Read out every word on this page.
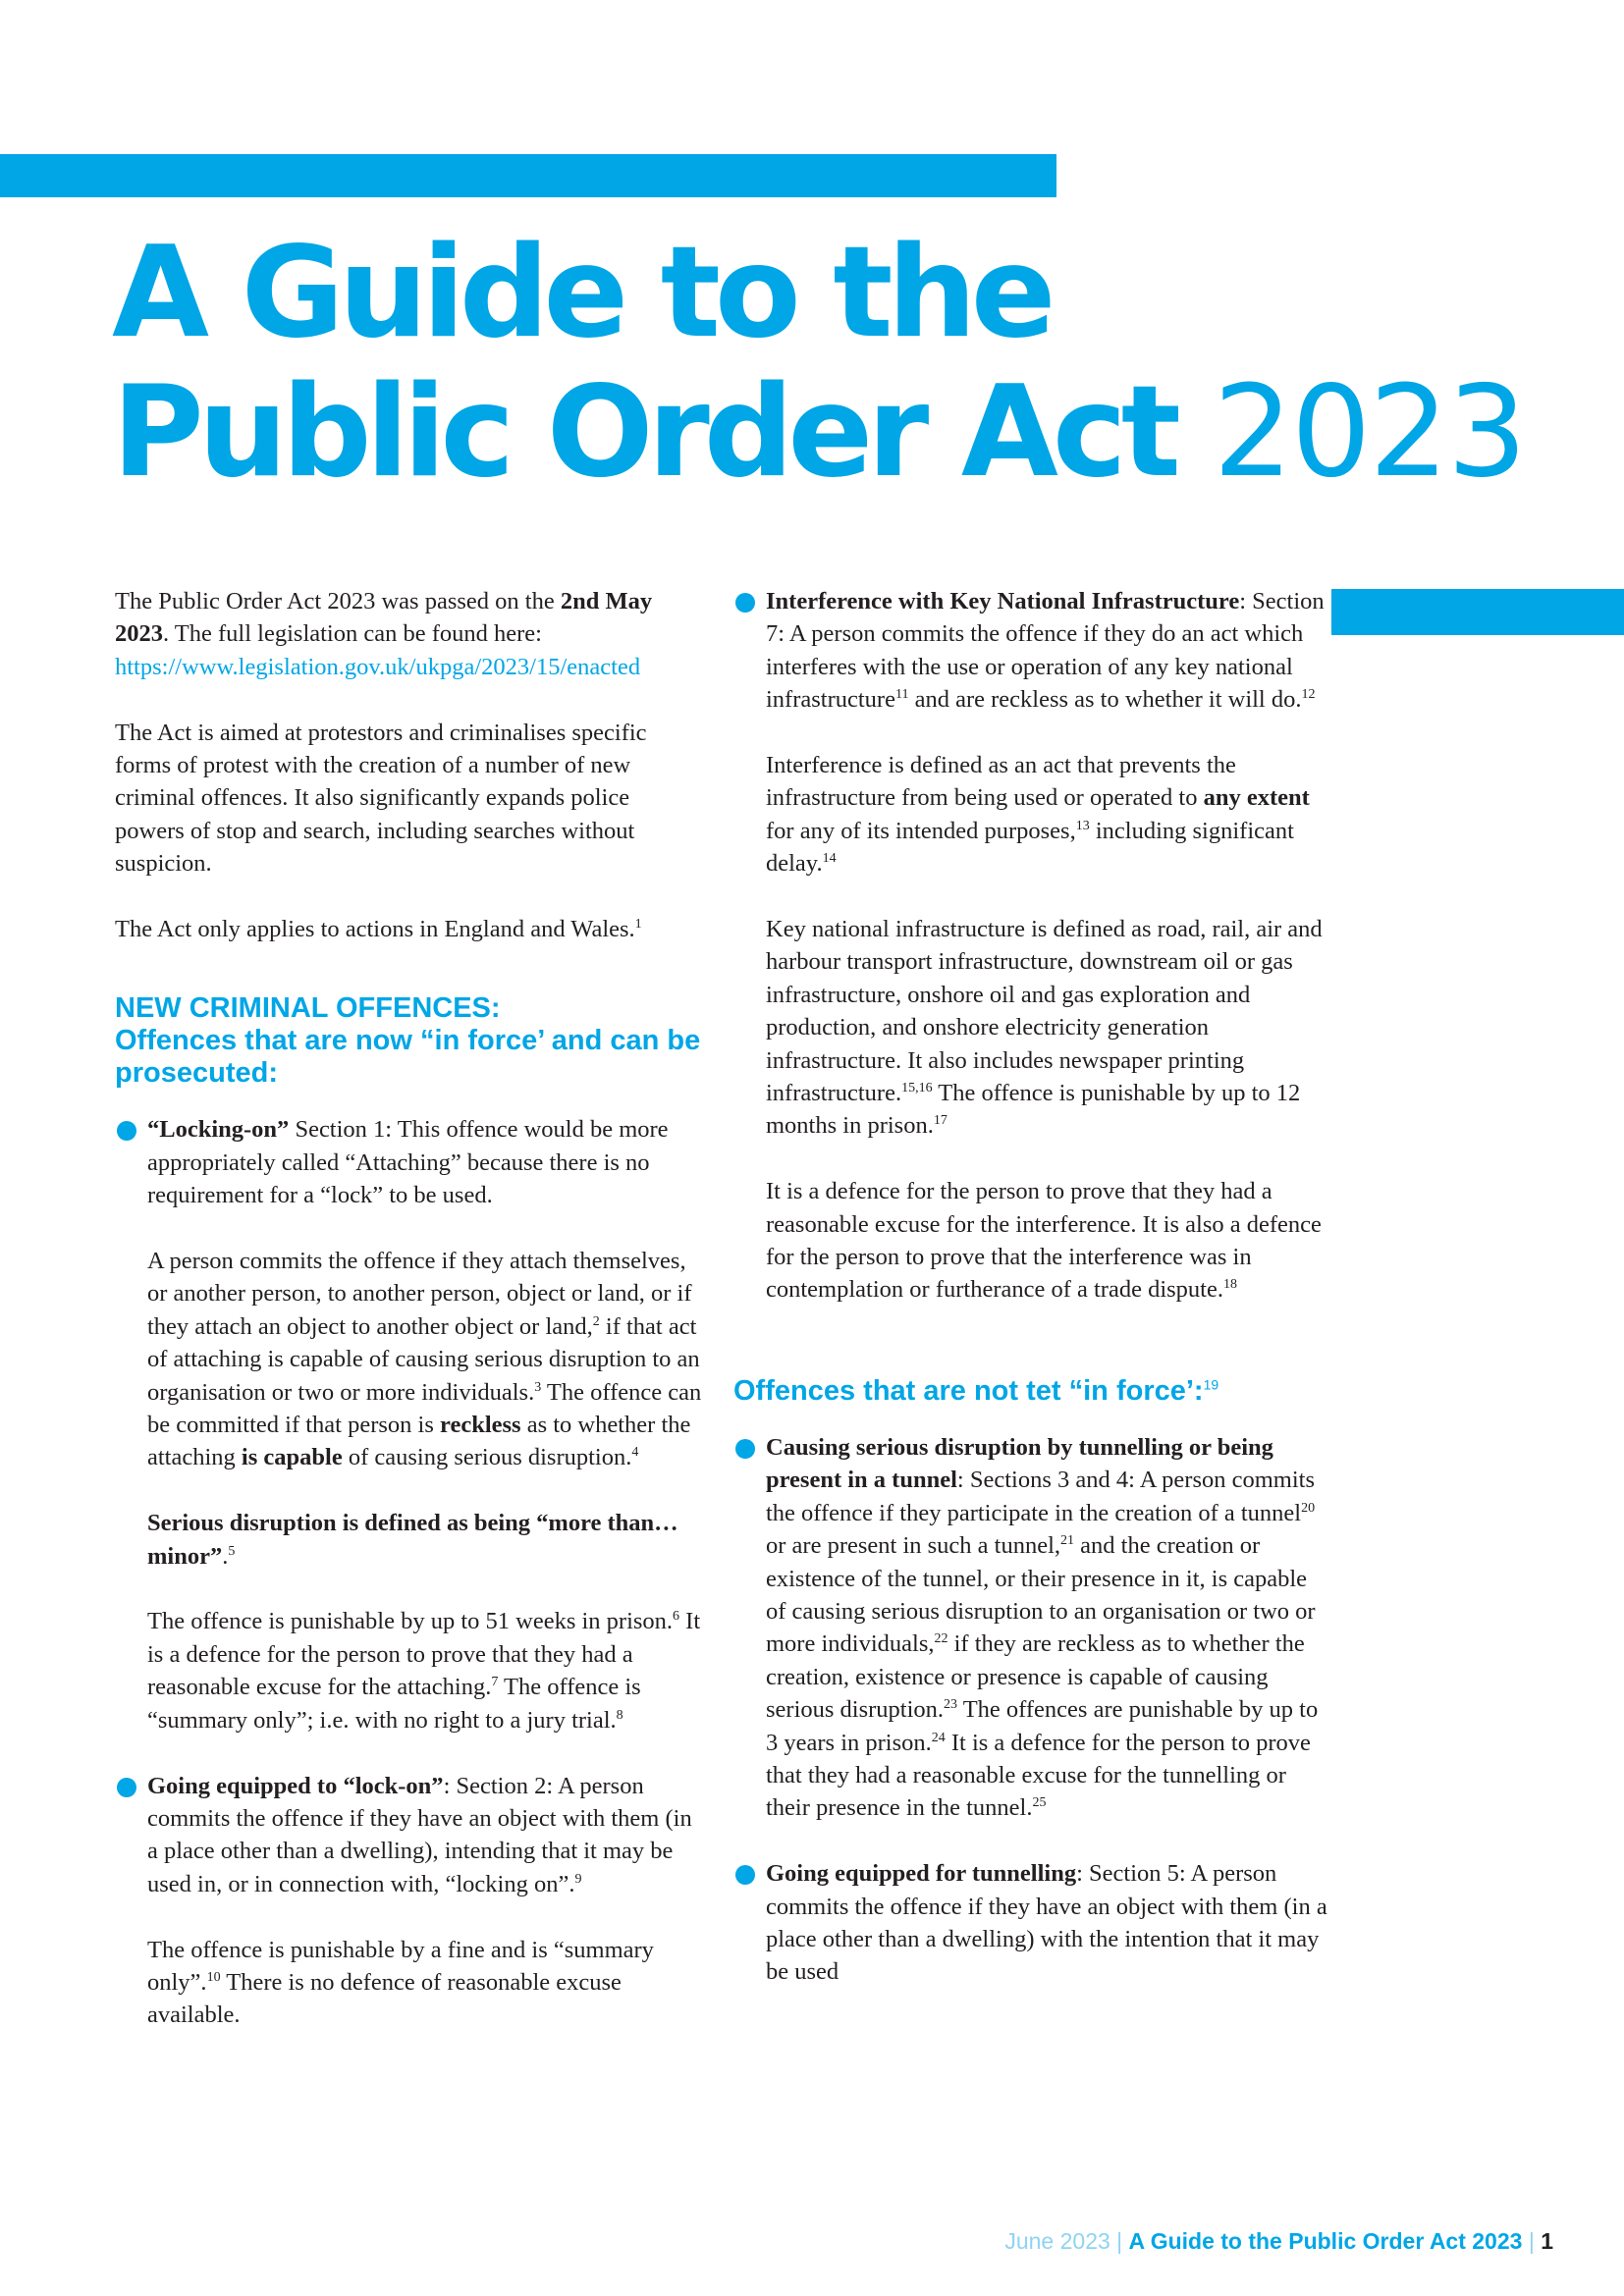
A Guide to the
Public Order Act 2023

The Public Order Act 2023 was passed on the 2nd May 2023. The full legislation can be found here: https://www.legislation.gov.uk/ukpga/2023/15/enacted

The Act is aimed at protestors and criminalises specific forms of protest with the creation of a number of new criminal offences. It also significantly expands police powers of stop and search, including searches without suspicion.

The Act only applies to actions in England and Wales.$^1$

NEW CRIMINAL OFFENCES:
Offences that are now “in force’ and can be prosecuted:

“Locking-on” Section 1: This offence would be more appropriately called “Attaching” because there is no requirement for a “lock” to be used.

A person commits the offence if they attach themselves, or another person, to another person, object or land, or if they attach an object to another object or land,$^2$ if that act of attaching is capable of causing serious disruption to an organisation or two or more individuals.$^3$ The offence can be committed if that person is reckless as to whether the attaching is capable of causing serious disruption.$^4$

Serious disruption is defined as being “more than… minor”.$^5$

The offence is punishable by up to 51 weeks in prison.$^6$ It is a defence for the person to prove that they had a reasonable excuse for the attaching.$^7$ The offence is “summary only”; i.e. with no right to a jury trial.$^8$

Going equipped to “lock-on”: Section 2: A person commits the offence if they have an object with them (in a place other than a dwelling), intending that it may be used in, or in connection with, “locking on”.$^9$

The offence is punishable by a fine and is “summary only”.$^{10}$ There is no defence of reasonable excuse available.

Interference with Key National Infrastructure: Section 7: A person commits the offence if they do an act which interferes with the use or operation of any key national infrastructure$^{11}$ and are reckless as to whether it will do.$^{12}$

Interference is defined as an act that prevents the infrastructure from being used or operated to any extent for any of its intended purposes,$^{13}$ including significant delay.$^{14}$

Key national infrastructure is defined as road, rail, air and harbour transport infrastructure, downstream oil or gas infrastructure, onshore oil and gas exploration and production, and onshore electricity generation infrastructure. It also includes newspaper printing infrastructure.$^{15,16}$ The offence is punishable by up to 12 months in prison.$^{17}$

It is a defence for the person to prove that they had a reasonable excuse for the interference. It is also a defence for the person to prove that the interference was in contemplation or furtherance of a trade dispute.$^{18}$

Offences that are not tet “in force’:$^{19}$

Causing serious disruption by tunnelling or being present in a tunnel: Sections 3 and 4: A person commits the offence if they participate in the creation of a tunnel$^{20}$ or are present in such a tunnel,$^{21}$ and the creation or existence of the tunnel, or their presence in it, is capable of causing serious disruption to an organisation or two or more individuals,$^{22}$ if they are reckless as to whether the creation, existence or presence is capable of causing serious disruption.$^{23}$ The offences are punishable by up to 3 years in prison.$^{24}$ It is a defence for the person to prove that they had a reasonable excuse for the tunnelling or their presence in the tunnel.$^{25}$

Going equipped for tunnelling: Section 5: A person commits the offence if they have an object with them (in a place other than a dwelling) with the intention that it may be used

June 2023 | A Guide to the Public Order Act 2023 | 1
